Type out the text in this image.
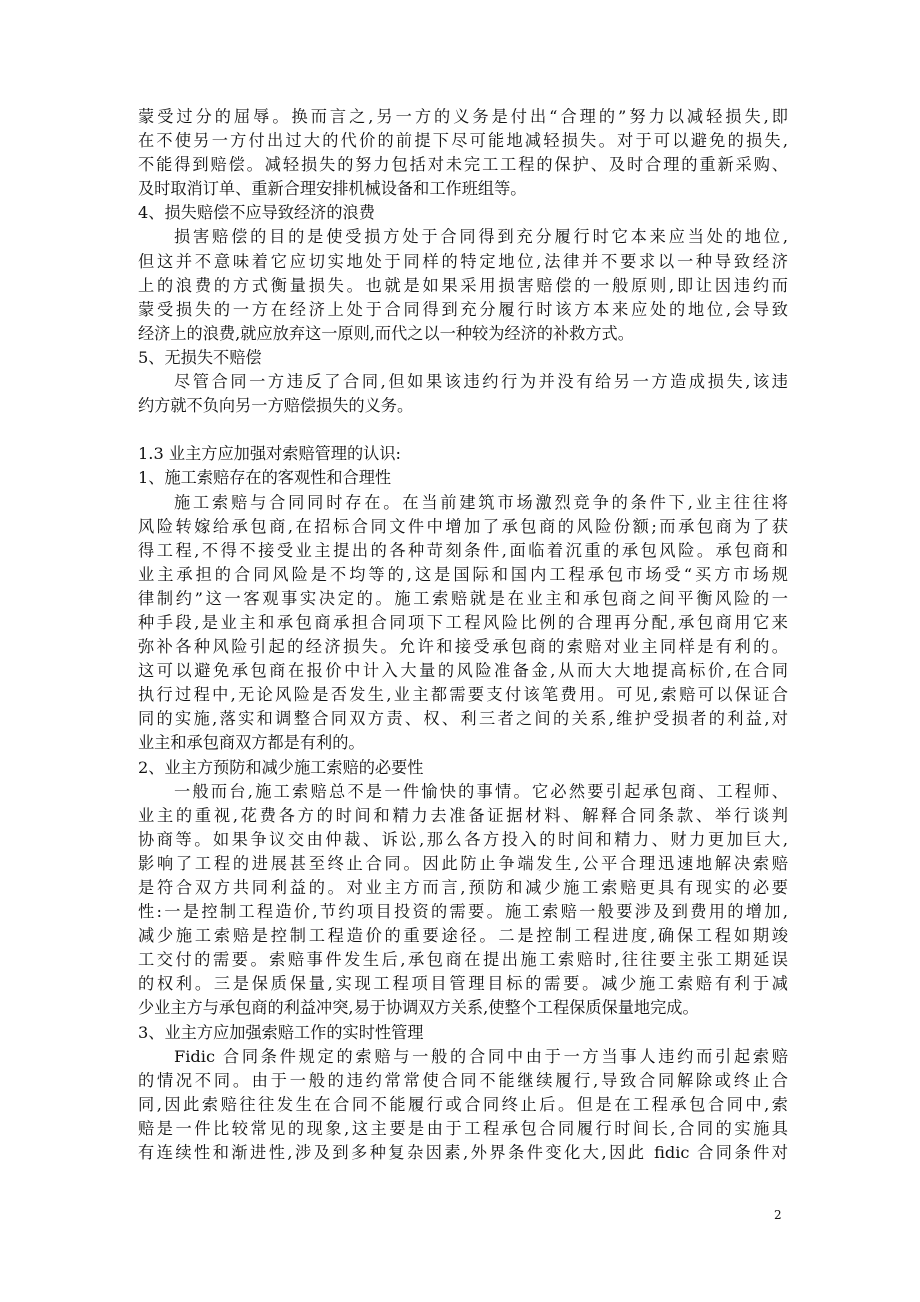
蒙受过分的屈辱。换而言之,另一方的义务是付出“合理的”努力以减轻损失,即
在不使另一方付出过大的代价的前提下尽可能地减轻损失。对于可以避免的损失,
不能得到赔偿。减轻损失的努力包括对未完工工程的保护、及时合理的重新采购、
及时取消订单、重新合理安排机械设备和工作班组等。
4、损失赔偿不应导致经济的浪费
损害赔偿的目的是使受损方处于合同得到充分履行时它本来应当处的地位,
但这并不意味着它应切实地处于同样的特定地位,法律并不要求以一种导致经济
上的浪费的方式衡量损失。也就是如果采用损害赔偿的一般原则,即让因违约而
蒙受损失的一方在经济上处于合同得到充分履行时该方本来应处的地位,会导致
经济上的浪费,就应放弃这一原则,而代之以一种较为经济的补救方式。
5、无损失不赔偿
尽管合同一方违反了合同,但如果该违约行为并没有给另一方造成损失,该违
约方就不负向另一方赔偿损失的义务。
1.3 业主方应加强对索赔管理的认识:
1、施工索赔存在的客观性和合理性
施工索赔与合同同时存在。在当前建筑市场激烈竞争的条件下,业主往往将
风险转嫁给承包商,在招标合同文件中增加了承包商的风险份额;而承包商为了获
得工程,不得不接受业主提出的各种苛刻条件,面临着沉重的承包风险。承包商和
业主承担的合同风险是不均等的,这是国际和国内工程承包市场受“买方市场规
律制约”这一客观事实决定的。施工索赔就是在业主和承包商之间平衡风险的一
种手段,是业主和承包商承担合同项下工程风险比例的合理再分配,承包商用它来
弥补各种风险引起的经济损失。允许和接受承包商的索赔对业主同样是有利的。
这可以避免承包商在报价中计入大量的风险准备金,从而大大地提高标价,在合同
执行过程中,无论风险是否发生,业主都需要支付该笔费用。可见,索赔可以保证合
同的实施,落实和调整合同双方责、权、利三者之间的关系,维护受损者的利益,对
业主和承包商双方都是有利的。
2、业主方预防和减少施工索赔的必要性
一般而台,施工索赔总不是一件愉快的事情。它必然要引起承包商、工程师、
业主的重视,花费各方的时间和精力去准备证据材料、解释合同条款、举行谈判
协商等。如果争议交由仲裁、诉讼,那么各方投入的时间和精力、财力更加巨大,
影响了工程的进展甚至终止合同。因此防止争端发生,公平合理迅速地解决索赔
是符合双方共同利益的。对业主方而言,预防和减少施工索赔更具有现实的必要
性:一是控制工程造价,节约项目投资的需要。施工索赔一般要涉及到费用的增加,
减少施工索赔是控制工程造价的重要途径。二是控制工程进度,确保工程如期竣
工交付的需要。索赔事件发生后,承包商在提出施工索赔时,往往要主张工期延误
的权利。三是保质保量,实现工程项目管理目标的需要。减少施工索赔有利于减
少业主方与承包商的利益冲突,易于协调双方关系,使整个工程保质保量地完成。
3、业主方应加强索赔工作的实时性管理
Fidic 合同条件规定的索赔与一般的合同中由于一方当事人违约而引起索赔
的情况不同。由于一般的违约常常使合同不能继续履行,导致合同解除或终止合
同,因此索赔往往发生在合同不能履行或合同终止后。但是在工程承包合同中,索
赔是一件比较常见的现象,这主要是由于工程承包合同履行时间长,合同的实施具
有连续性和渐进性,涉及到多种复杂因素,外界条件变化大,因此 fidic 合同条件对
2
